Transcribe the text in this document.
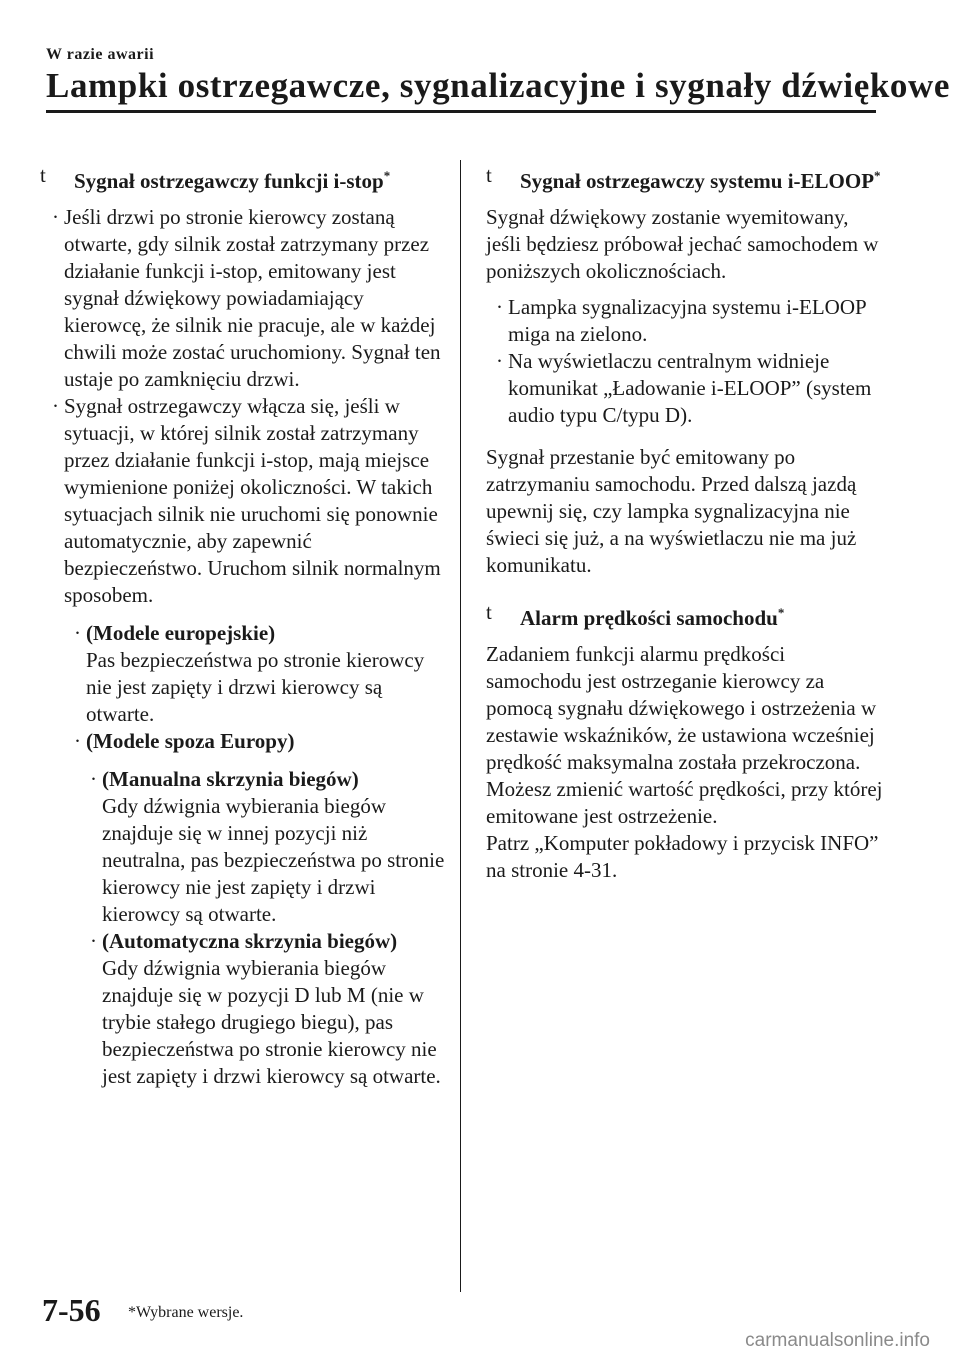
W razie awarii
Lampki ostrzegawcze, sygnalizacyjne i sygnały dźwiękowe
t	Sygnał ostrzegawczy funkcji i-stop*
· Jeśli drzwi po stronie kierowcy zostaną otwarte, gdy silnik został zatrzymany przez działanie funkcji i-stop, emitowany jest sygnał dźwiękowy powiadamiający kierowcę, że silnik nie pracuje, ale w każdej chwili może zostać uruchomiony. Sygnał ten ustaje po zamknięciu drzwi.
· Sygnał ostrzegawczy włącza się, jeśli w sytuacji, w której silnik został zatrzymany przez działanie funkcji i-stop, mają miejsce wymienione poniżej okoliczności. W takich sytuacjach silnik nie uruchomi się ponownie automatycznie, aby zapewnić bezpieczeństwo. Uruchom silnik normalnym sposobem.
· (Modele europejskie)
Pas bezpieczeństwa po stronie kierowcy nie jest zapięty i drzwi kierowcy są otwarte.
· (Modele spoza Europy)
· (Manualna skrzynia biegów)
Gdy dźwignia wybierania biegów znajduje się w innej pozycji niż neutralna, pas bezpieczeństwa po stronie kierowcy nie jest zapięty i drzwi kierowcy są otwarte.
· (Automatyczna skrzynia biegów)
Gdy dźwignia wybierania biegów znajduje się w pozycji D lub M (nie w trybie stałego drugiego biegu), pas bezpieczeństwa po stronie kierowcy nie jest zapięty i drzwi kierowcy są otwarte.
t	Sygnał ostrzegawczy systemu i-ELOOP*

Sygnał dźwiękowy zostanie wyemitowany, jeśli będziesz próbował jechać samochodem w poniższych okolicznościach.

· Lampka sygnalizacyjna systemu i-ELOOP miga na zielono.
· Na wyświetlaczu centralnym widnieje komunikat „Ładowanie i-ELOOP” (system audio typu C/typu D).

Sygnał przestanie być emitowany po zatrzymaniu samochodu. Przed dalszą jazdą upewnij się, czy lampka sygnalizacyjna nie świeci się już, a na wyświetlaczu nie ma już komunikatu.

t	Alarm prędkości samochodu*
Zadaniem funkcji alarmu prędkości samochodu jest ostrzeganie kierowcy za pomocą sygnału dźwiękowego i ostrzeżenia w zestawie wskaźników, że ustawiona wcześniej prędkość maksymalna została przekroczona.
Możesz zmienić wartość prędkości, przy której emitowane jest ostrzeżenie.
Patrz „Komputer pokładowy i przycisk INFO” na stronie 4-31.
7-56 *Wybrane wersje.
carmanualsonline.info
